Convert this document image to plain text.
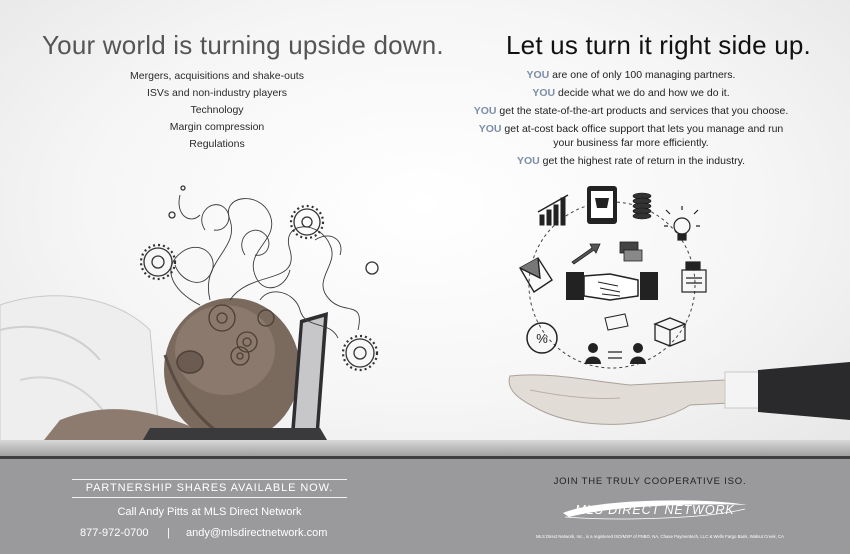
%
Your world is turning upside down. Let us turn it right side up.
Mergers, acquisitions and shake-outs
ISVs and non-industry players
Technology
Margin compression
Regulations
YOU are one of only 100 managing partners.
YOU decide what we do and how we do it.
YOU get the state-of-the-art products and services that you choose.
YOU get at-cost back office support that lets you manage and run your business far more efficiently.
YOU get the highest rate of return in the industry.
PARTNERSHIP SHARES AVAILABLE NOW.
Call Andy Pitts at MLS Direct Network
877-972-0700 | andy@mlsdirectnetwork.com
JOIN THE TRULY COOPERATIVE ISO.
MLS DIRECT NETWORK
MLS Direct Network, Inc., is a registered ISO/MSP of FNBO, NA, Chase Paymentech, LLC & Wells Fargo Bank, Walnut Creek, CA
